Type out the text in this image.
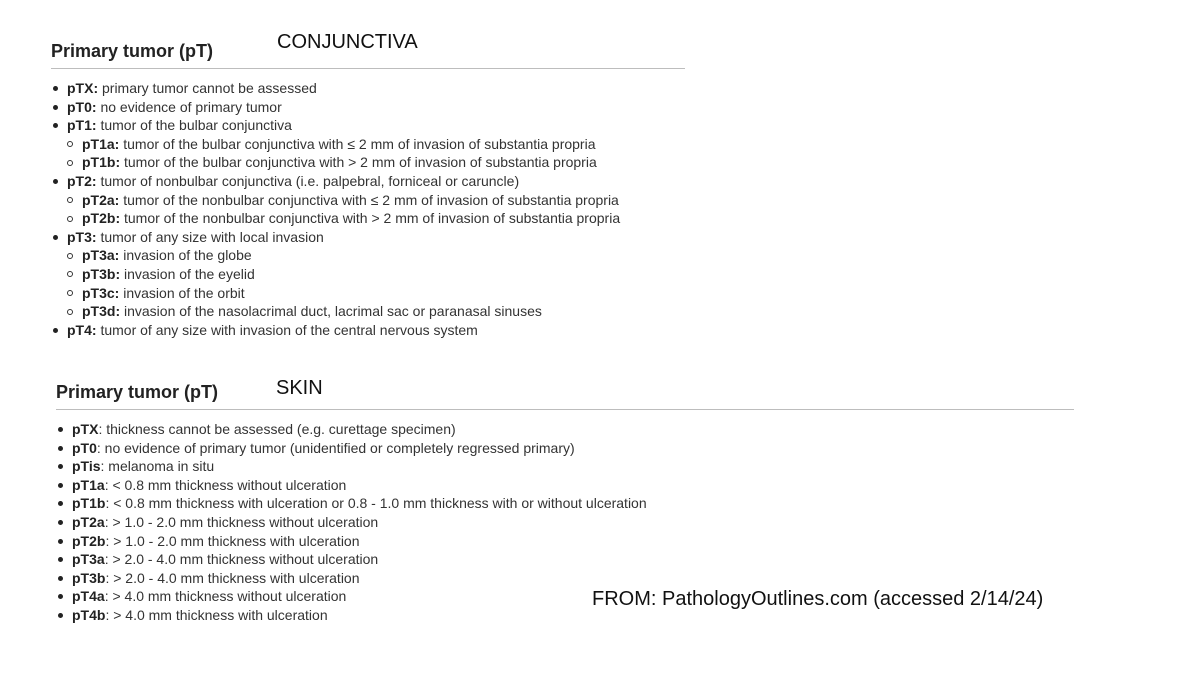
Primary tumor (pT)	CONJUNCTIVA
pTX: primary tumor cannot be assessed
pT0: no evidence of primary tumor
pT1: tumor of the bulbar conjunctiva
pT1a: tumor of the bulbar conjunctiva with ≤ 2 mm of invasion of substantia propria
pT1b: tumor of the bulbar conjunctiva with > 2 mm of invasion of substantia propria
pT2: tumor of nonbulbar conjunctiva (i.e. palpebral, forniceal or caruncle)
pT2a: tumor of the nonbulbar conjunctiva with ≤ 2 mm of invasion of substantia propria
pT2b: tumor of the nonbulbar conjunctiva with > 2 mm of invasion of substantia propria
pT3: tumor of any size with local invasion
pT3a: invasion of the globe
pT3b: invasion of the eyelid
pT3c: invasion of the orbit
pT3d: invasion of the nasolacrimal duct, lacrimal sac or paranasal sinuses
pT4: tumor of any size with invasion of the central nervous system
Primary tumor (pT)	SKIN
pTX: thickness cannot be assessed (e.g. curettage specimen)
pT0: no evidence of primary tumor (unidentified or completely regressed primary)
pTis: melanoma in situ
pT1a: < 0.8 mm thickness without ulceration
pT1b: < 0.8 mm thickness with ulceration or 0.8 - 1.0 mm thickness with or without ulceration
pT2a: > 1.0 - 2.0 mm thickness without ulceration
pT2b: > 1.0 - 2.0 mm thickness with ulceration
pT3a: > 2.0 - 4.0 mm thickness without ulceration
pT3b: > 2.0 - 4.0 mm thickness with ulceration
pT4a: > 4.0 mm thickness without ulceration
pT4b: > 4.0 mm thickness with ulceration
FROM: PathologyOutlines.com (accessed 2/14/24)
